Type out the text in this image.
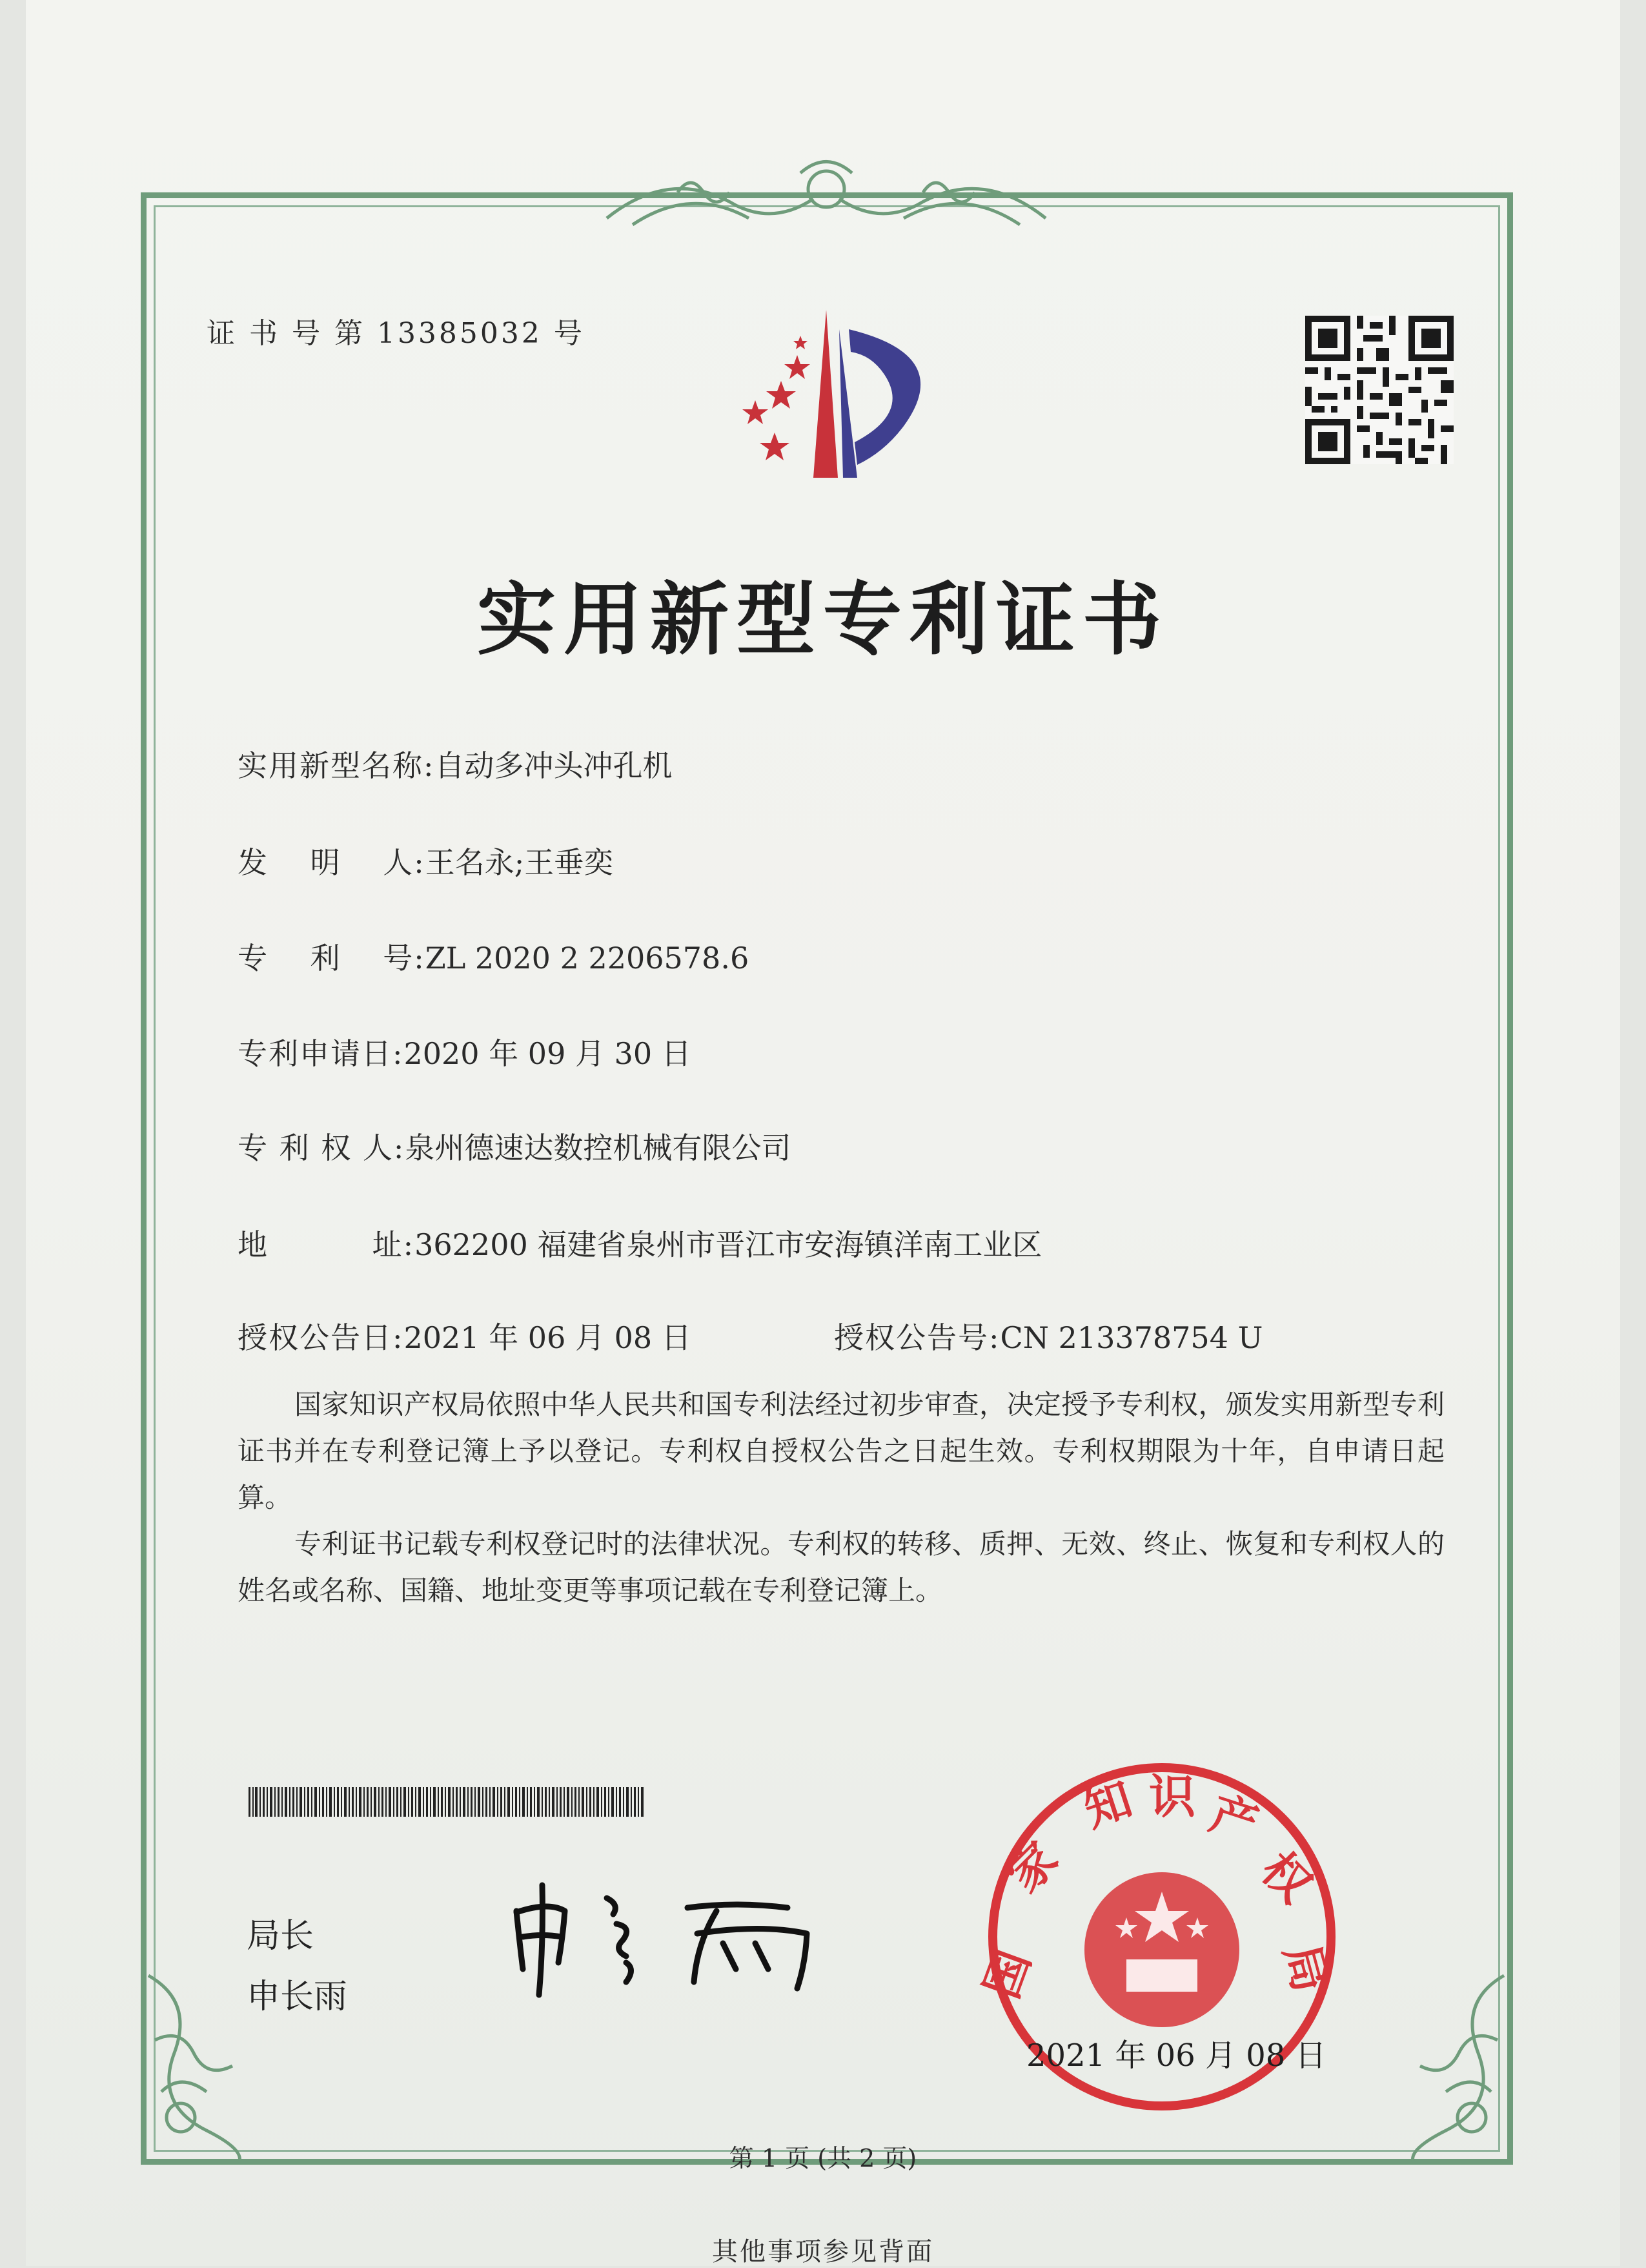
证 书 号 第 13385032 号
实用新型专利证书
实用新型名称:自动多冲头冲孔机
发　 明　 人:王名永;王垂奕
专　 利　 号:ZL 2020 2 2206578.6
专利申请日:2020 年 09 月 30 日
专 利 权 人:泉州德速达数控机械有限公司
地　　　 址:362200 福建省泉州市晋江市安海镇洋南工业区
授权公告日:2021 年 06 月 08 日	授权公告号:CN 213378754 U
国家知识产权局依照中华人民共和国专利法经过初步审查，决定授予专利权，颁发实用新型专利证书并在专利登记簿上予以登记。专利权自授权公告之日起生效。专利权期限为十年，自申请日起算。
专利证书记载专利权登记时的法律状况。专利权的转移、质押、无效、终止、恢复和专利权人的姓名或名称、国籍、地址变更等事项记载在专利登记簿上。
局长
申长雨	国
家
知 识 产
权
局
2021 年 06 月 08 日
第 1 页 (共 2 页)
其他事项参见背面
